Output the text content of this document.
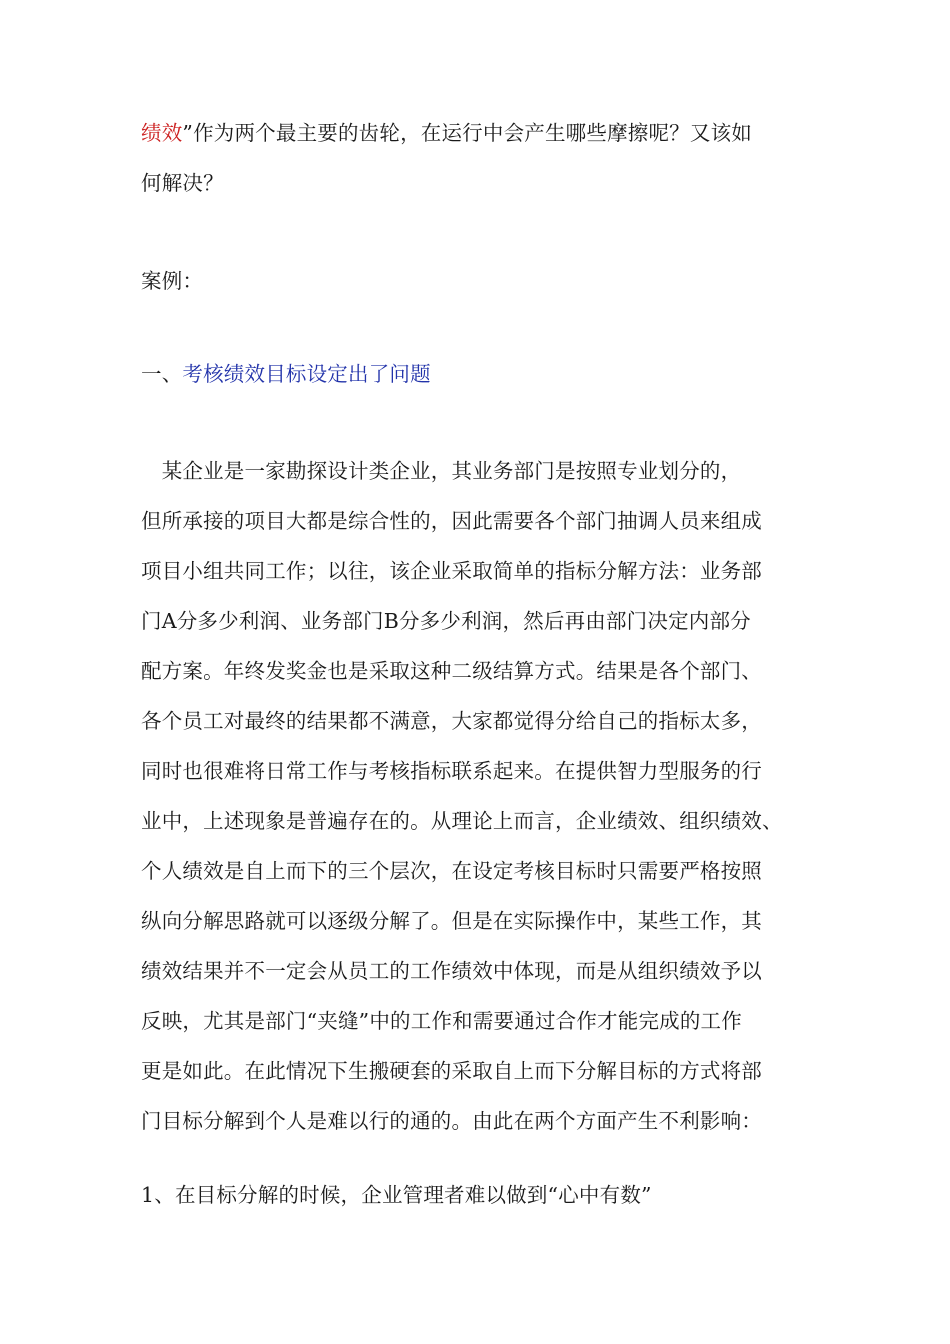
绩效”作为两个最主要的齿轮，在运行中会产生哪些摩擦呢？又该如
何解决？
案例：
一、考核绩效目标设定出了问题
　某企业是一家勘探设计类企业，其业务部门是按照专业划分的，
但所承接的项目大都是综合性的，因此需要各个部门抽调人员来组成
项目小组共同工作；以往，该企业采取简单的指标分解方法：业务部
门A分多少利润、业务部门B分多少利润，然后再由部门决定内部分
配方案。年终发奖金也是采取这种二级结算方式。结果是各个部门、
各个员工对最终的结果都不满意，大家都觉得分给自己的指标太多，
同时也很难将日常工作与考核指标联系起来。在提供智力型服务的行
业中，上述现象是普遍存在的。从理论上而言，企业绩效、组织绩效、
个人绩效是自上而下的三个层次，在设定考核目标时只需要严格按照
纵向分解思路就可以逐级分解了。但是在实际操作中，某些工作，其
绩效结果并不一定会从员工的工作绩效中体现，而是从组织绩效予以
反映，尤其是部门“夹缝”中的工作和需要通过合作才能完成的工作
更是如此。在此情况下生搬硬套的采取自上而下分解目标的方式将部
门目标分解到个人是难以行的通的。由此在两个方面产生不利影响：
1、在目标分解的时候，企业管理者难以做到“心中有数”
